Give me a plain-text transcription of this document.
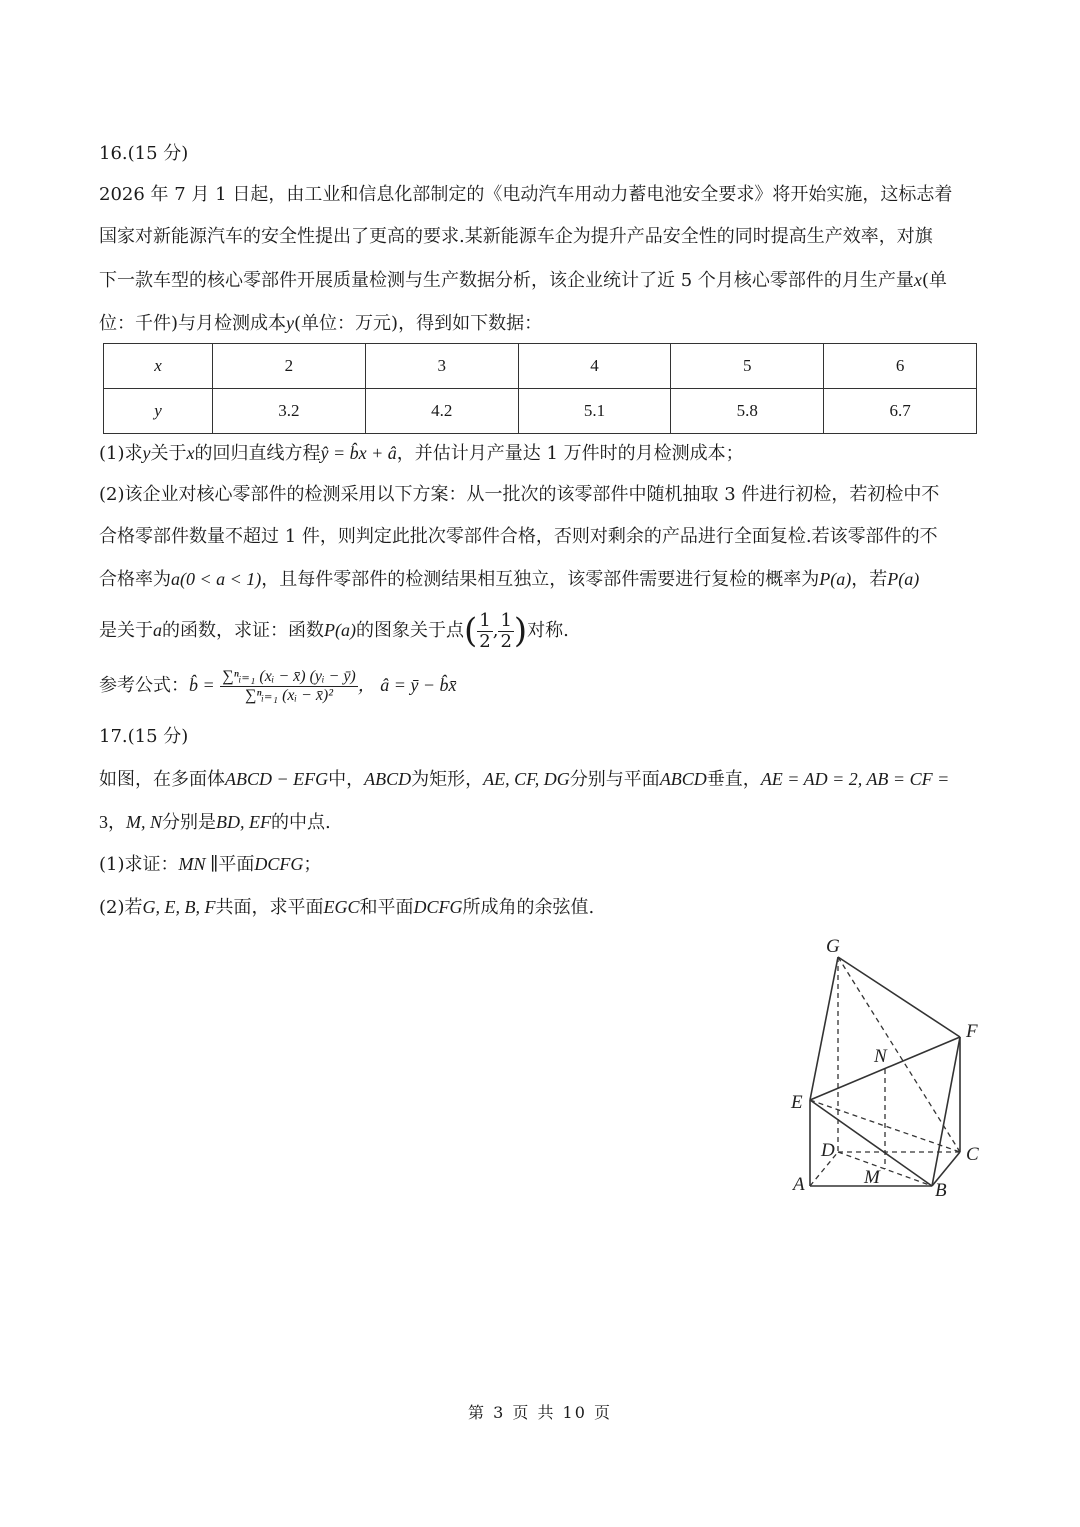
16.(15 分)
2026 年 7 月 1 日起，由工业和信息化部制定的《电动汽车用动力蓄电池安全要求》将开始实施，这标志着
国家对新能源汽车的安全性提出了更高的要求.某新能源车企为提升产品安全性的同时提高生产效率，对旗
下一款车型的核心零部件开展质量检测与生产数据分析，该企业统计了近 5 个月核心零部件的月生产量x(单
位：千件)与月检测成本y(单位：万元)，得到如下数据：
x	2	3	4	5	6
y	3.2	4.2	5.1	5.8	6.7
(1)求y关于x的回归直线方程ŷ = b̂x + â，并估计月产量达 1 万件时的月检测成本；
(2)该企业对核心零部件的检测采用以下方案：从一批次的该零部件中随机抽取 3 件进行初检，若初检中不
合格零部件数量不超过 1 件，则判定此批次零部件合格，否则对剩余的产品进行全面复检.若该零部件的不
合格率为a(0 < a < 1)，且每件零部件的检测结果相互独立，该零部件需要进行复检的概率为P(a)，若P(a)
是关于a的函数，求证：函数P(a)的图象关于点( $\frac{1}{2}$ , $\frac{1}{2}$ )对称.
参考公式：b̂ = $\frac{\text{∑ⁿᵢ₌₁ (xᵢ − x̄) (yᵢ − ȳ)}}{\text{∑ⁿᵢ₌₁ (xᵢ − x̄)²}}$ ， â = ȳ − b̂x̄
17.(15 分)
如图，在多面体ABCD − EFG中，ABCD为矩形，AE, CF, DG分别与平面ABCD垂直，AE = AD = 2, AB = CF =
3，M, N分别是BD, EF的中点.
(1)求证：MN ∥平面DCFG；
(2)若G, E, B, F共面，求平面EGC和平面DCFG所成角的余弦值.
G
F
N
E
D	C
A	M
B
第 3 页 共 10 页
